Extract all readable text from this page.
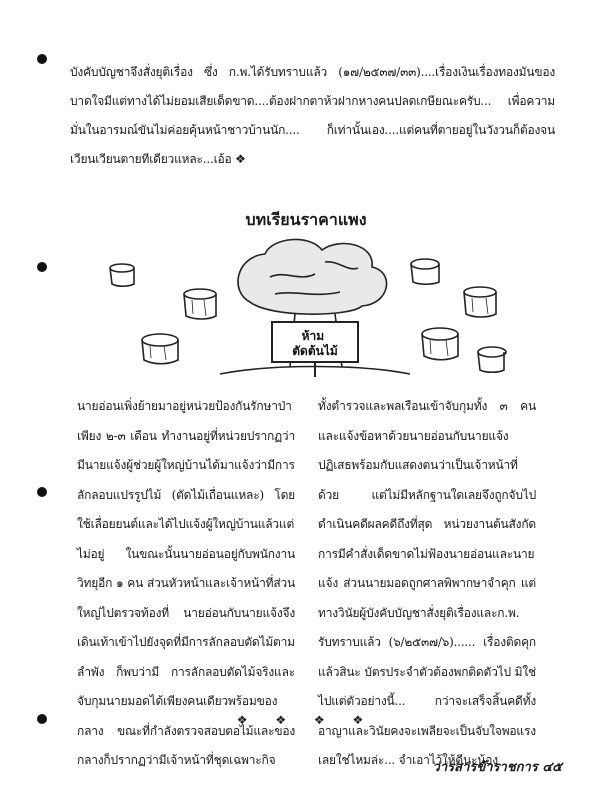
บังคับบัญชาจึงสั่งยุติเรื่อง ซึ่ง ก.พ.ได้รับทราบแล้ว (๑๗/๒๕๓๗/๓๓)....เรื่องเงินเรื่องทองมันของบาดใจมีแต่ทางได้ไม่ยอมเสียเด็ดขาด....ต้องฝากตาห้วฝากหางคนปลดเกษียณะครับ... เพื่อความมั่นในอารมณ์ขันไม่ค่อยคุ้นหน้าชาวบ้านนัก.... ก็เท่านั้นเอง....แต่คนที่ตายอยู่ในวังวนก็ต้องจนเวียนเวียนตายทีเดียวแหละ...เอ้อ ❖

บทเรียนราคาแพง
ห้าม ตัดต้นไม้

นายอ่อนเพิ่งย้ายมาอยู่หน่วยป้องกันรักษาป่าเพียง ๒-๓ เดือน ทำงานอยู่ที่หน่วยปรากฏว่ามีนายแจ้งผู้ช่วยผู้ใหญ่บ้านได้มาแจ้งว่ามีการลักลอบแปรรูปไม้ (ตัดไม้เถื่อนแหละ) โดยใช้เลื่อยยนต์และได้ไปแจ้งผู้ใหญ่บ้านแล้วแต่ไม่อยู่ ในขณะนั้นนายอ่อนอยู่กับพนักงานวิทยุอีก ๑ คน ส่วนหัวหน้าและเจ้าหน้าที่ส่วนใหญ่ไปตรวจท้องที่ นายอ่อนกับนายแจ้งจึงเดินเท้าเข้าไปยังจุดที่มีการลักลอบตัดไม้ตามลำพัง ก็พบว่ามี การลักลอบตัดไม้จริงและจับกุมนายมอดได้เพียงคนเดียวพร้อมของกลาง ขณะที่กำลังตรวจสอบตอไม้และของกลางก็ปรากฏว่ามีเจ้าหน้าที่ชุดเฉพาะกิจ

ทั้งตำรวจและพลเรือนเข้าจับกุมทั้ง ๓ คน และแจ้งข้อหาด้วยนายอ่อนกับนายแจ้งปฏิเสธพร้อมกับแสดงตนว่าเป็นเจ้าหน้าที่ด้วย แต่ไม่มีหลักฐานใดเลยจึงถูกจับไปดำเนินคดีผลคดีถึงที่สุด หน่วยงานต้นสังกัดการมีคำสั่งเด็ดขาดไม่ฟ้องนายอ่อนและนายแจ้ง ส่วนนายมอดถูกศาลพิพากษาจำคุก แต่ทางวินัยผู้บังคับบัญชาสั่งยุติเรื่องและก.พ. รับทราบแล้ว (๖/๒๕๓๗/๖)...... เรื่องติดคุกแล้วสินะ บัตรประจำตัวต้องพกติดตัวไป มิใช่ไปแต่ตัวอย่างนี้... กว่าจะเสร็จสิ้นคดีทั้งอาญาและวินัยคงจะเพลียจะเป็นจับใจพอแรงเลยใช่ไหมล่ะ... จำเอาไว้ให้ดีนะน้อง

❖ ❖ ❖ ❖

วารสารข้าราชการ ๔๕
